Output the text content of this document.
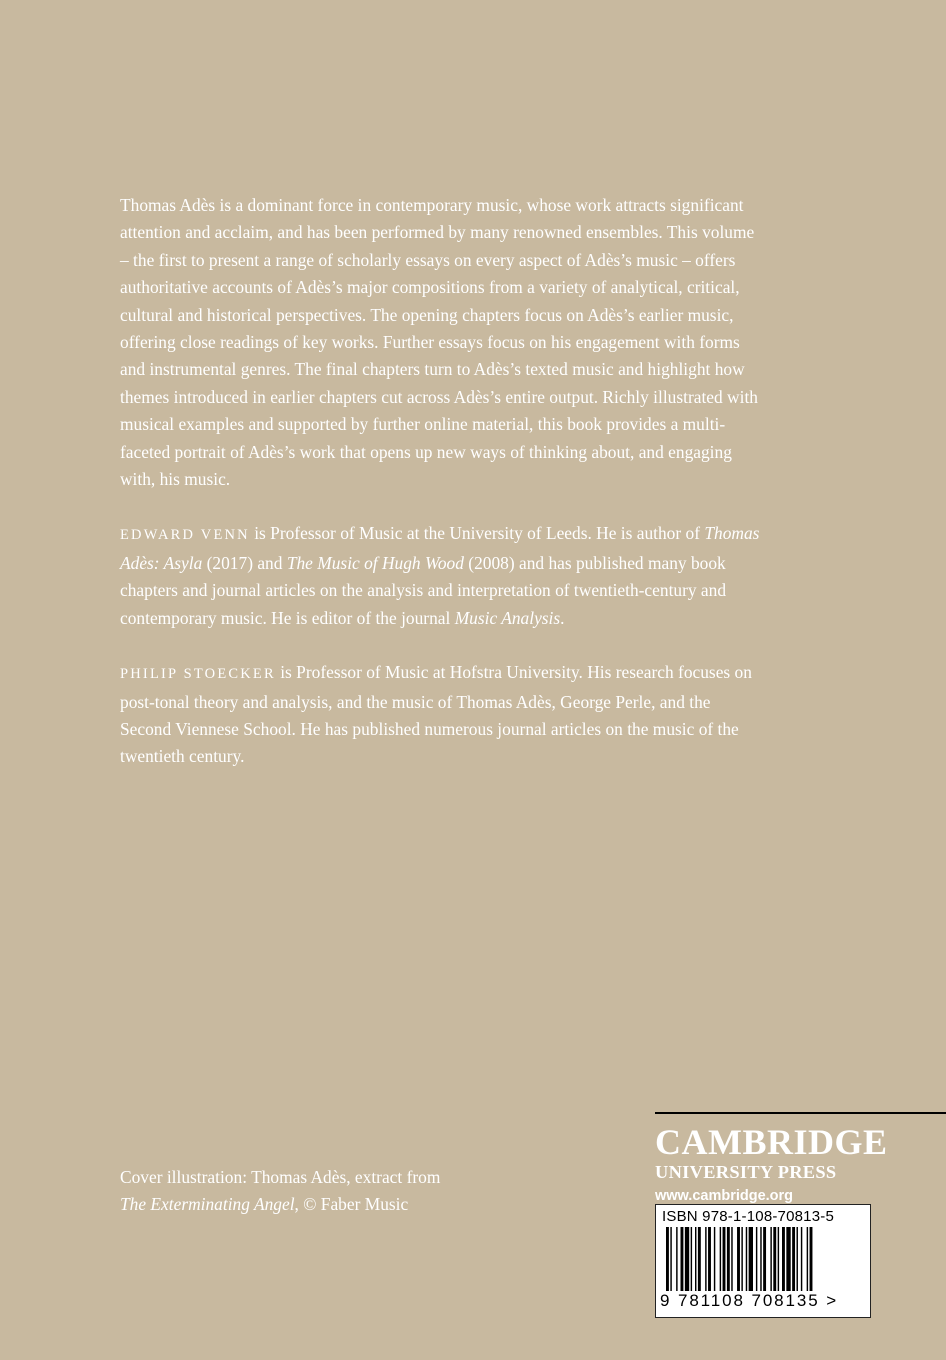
Thomas Adès is a dominant force in contemporary music, whose work attracts significant attention and acclaim, and has been performed by many renowned ensembles. This volume – the first to present a range of scholarly essays on every aspect of Adès’s music – offers authoritative accounts of Adès’s major compositions from a variety of analytical, critical, cultural and historical perspectives. The opening chapters focus on Adès’s earlier music, offering close readings of key works. Further essays focus on his engagement with forms and instrumental genres. The final chapters turn to Adès’s texted music and highlight how themes introduced in earlier chapters cut across Adès’s entire output. Richly illustrated with musical examples and supported by further online material, this book provides a multi-faceted portrait of Adès’s work that opens up new ways of thinking about, and engaging with, his music.

EDWARD VENN is Professor of Music at the University of Leeds. He is author of Thomas Adès: Asyla (2017) and The Music of Hugh Wood (2008) and has published many book chapters and journal articles on the analysis and interpretation of twentieth-century and contemporary music. He is editor of the journal Music Analysis.

PHILIP STOECKER is Professor of Music at Hofstra University. His research focuses on post-tonal theory and analysis, and the music of Thomas Adès, George Perle, and the Second Viennese School. He has published numerous journal articles on the music of the twentieth century.

Cover illustration: Thomas Adès, extract from
The Exterminating Angel, © Faber Music
CAMBRIDGE
UNIVERSITY PRESS
www.cambridge.org
ISBN 978-1-108-70813-5
9 781108 708135 >
